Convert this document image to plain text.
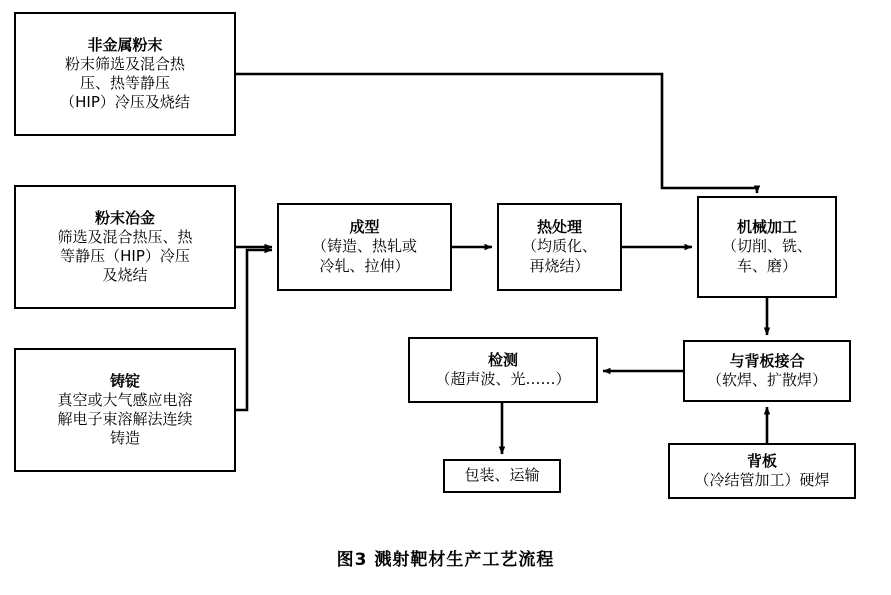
非金属粉末
粉末筛选及混合热
压、热等静压
（HIP）冷压及烧结
粉末冶金
筛选及混合热压、热
等静压（HIP）冷压
及烧结
铸锭
真空或大气感应电溶
解电子束溶解法连续
铸造
成型
（铸造、热轧或
冷轧、拉伸）
热处理
（均质化、
再烧结）
机械加工
（切削、铣、
车、磨）
与背板接合
（软焊、扩散焊）
背板
（冷结管加工）硬焊
检测
（超声波、光……）
包装、运输
图3 溅射靶材生产工艺流程
